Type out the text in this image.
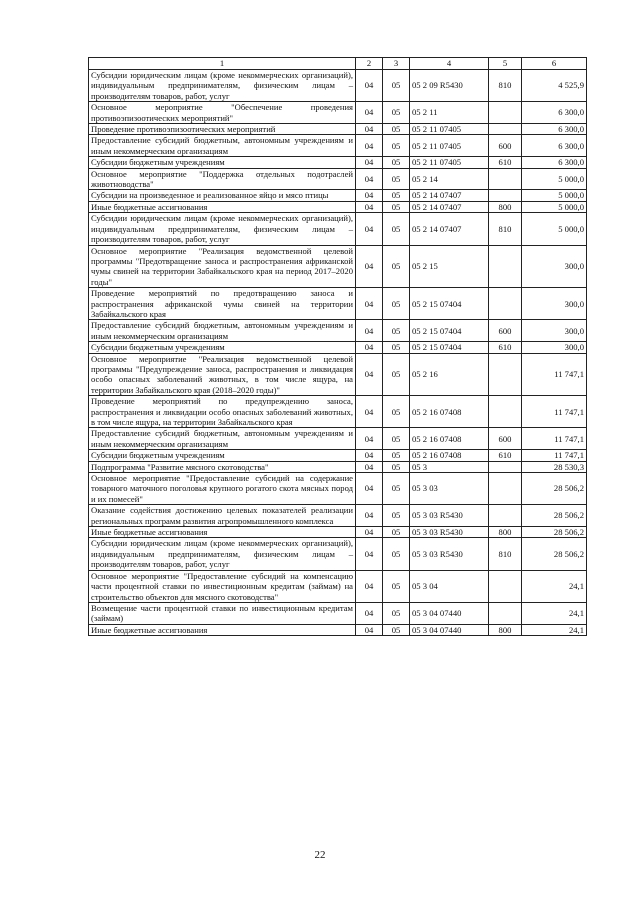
1	2	3	4	5	6
Субсидии юридическим лицам (кроме некоммерческих организаций), индивидуальным предпринимателям, физическим лицам – производителям товаров, работ, услуг	04	05	05 2 09 R5430	810	4 525,9
Основное мероприятие "Обеспечение проведения противоэпизоотических мероприятий"	04	05	05 2 11		6 300,0
Проведение противоэпизоотических мероприятий	04	05	05 2 11 07405		6 300,0
Предоставление субсидий бюджетным, автономным учреждениям и иным некоммерческим организациям	04	05	05 2 11 07405	600	6 300,0
Субсидии бюджетным учреждениям	04	05	05 2 11 07405	610	6 300,0
Основное мероприятие "Поддержка отдельных подотраслей животноводства"	04	05	05 2 14		5 000,0
Субсидии на произведенное и реализованное яйцо и мясо птицы	04	05	05 2 14 07407		5 000,0
Иные бюджетные ассигнования	04	05	05 2 14 07407	800	5 000,0
Субсидии юридическим лицам (кроме некоммерческих организаций), индивидуальным предпринимателям, физическим лицам – производителям товаров, работ, услуг	04	05	05 2 14 07407	810	5 000,0
Основное мероприятие "Реализация ведомственной целевой программы "Предотвращение заноса и распространения африканской чумы свиней на территории Забайкальского края на период 2017–2020 годы"	04	05	05 2 15		300,0
Проведение мероприятий по предотвращению заноса и распространения африканской чумы свиней на территории Забайкальского края	04	05	05 2 15 07404		300,0
Предоставление субсидий бюджетным, автономным учреждениям и иным некоммерческим организациям	04	05	05 2 15 07404	600	300,0
Субсидии бюджетным учреждениям	04	05	05 2 15 07404	610	300,0
Основное мероприятие "Реализация ведомственной целевой программы "Предупреждение заноса, распространения и ликвидация особо опасных заболеваний животных, в том числе ящура, на территории Забайкальского края (2018–2020 годы)"	04	05	05 2 16		11 747,1
Проведение мероприятий по предупреждению заноса, распространения и ликвидации особо опасных заболеваний животных, в том числе ящура, на территории Забайкальского края	04	05	05 2 16 07408		11 747,1
Предоставление субсидий бюджетным, автономным учреждениям и иным некоммерческим организациям	04	05	05 2 16 07408	600	11 747,1
Субсидии бюджетным учреждениям	04	05	05 2 16 07408	610	11 747,1
Подпрограмма "Развитие мясного скотоводства"	04	05	05 3		28 530,3
Основное мероприятие "Предоставление субсидий на содержание товарного маточного поголовья крупного рогатого скота мясных пород и их помесей"	04	05	05 3 03		28 506,2
Оказание содействия достижению целевых показателей реализации региональных программ развития агропромышленного комплекса	04	05	05 3 03 R5430		28 506,2
Иные бюджетные ассигнования	04	05	05 3 03 R5430	800	28 506,2
Субсидии юридическим лицам (кроме некоммерческих организаций), индивидуальным предпринимателям, физическим лицам – производителям товаров, работ, услуг	04	05	05 3 03 R5430	810	28 506,2
Основное мероприятие "Предоставление субсидий на компенсацию части процентной ставки по инвестиционным кредитам (займам) на строительство объектов для мясного скотоводства"	04	05	05 3 04		24,1
Возмещение части процентной ставки по инвестиционным кредитам (займам)	04	05	05 3 04 07440		24,1
Иные бюджетные ассигнования	04	05	05 3 04 07440	800	24,1
22
